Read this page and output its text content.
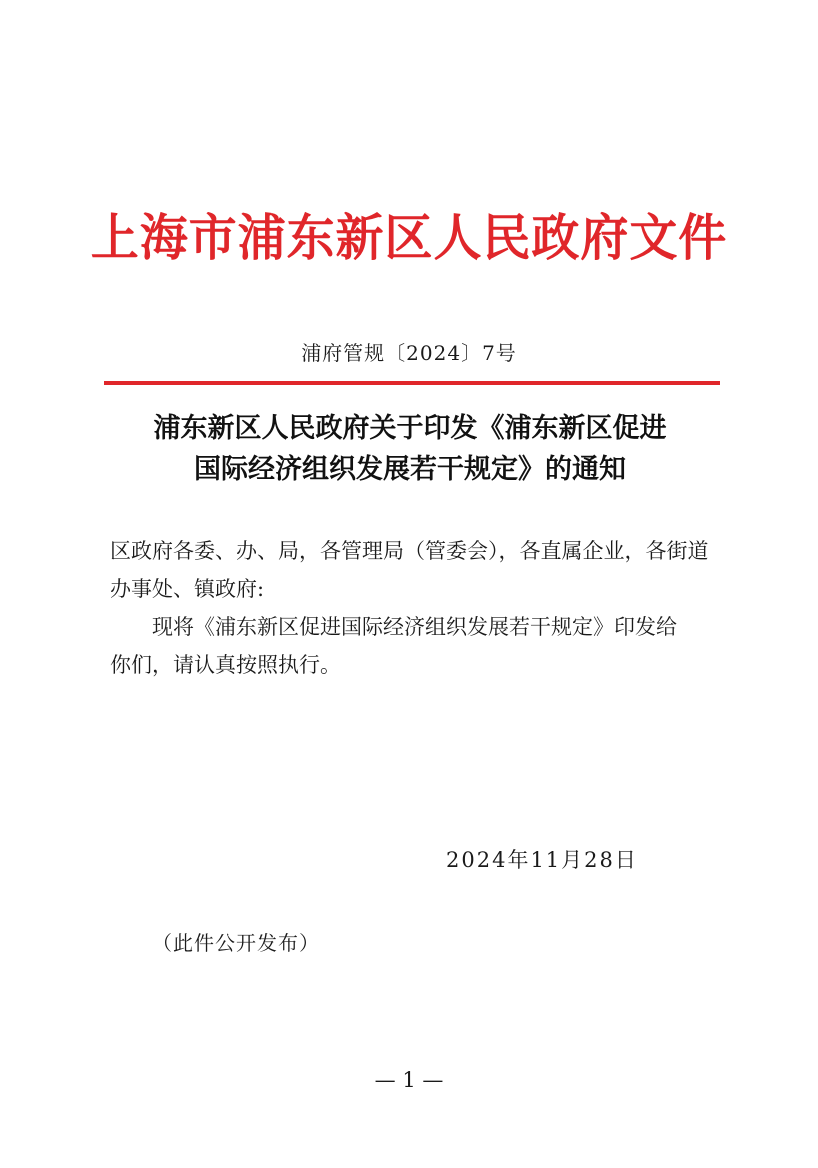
上海市浦东新区人民政府文件
浦府管规〔2024〕7号
浦东新区人民政府关于印发《浦东新区促进
国际经济组织发展若干规定》的通知
区政府各委、办、局，各管理局（管委会），各直属企业，各街道
办事处、镇政府:
现将《浦东新区促进国际经济组织发展若干规定》印发给
你们，请认真按照执行。
2024年11月28日
（此件公开发布）
— 1 —
